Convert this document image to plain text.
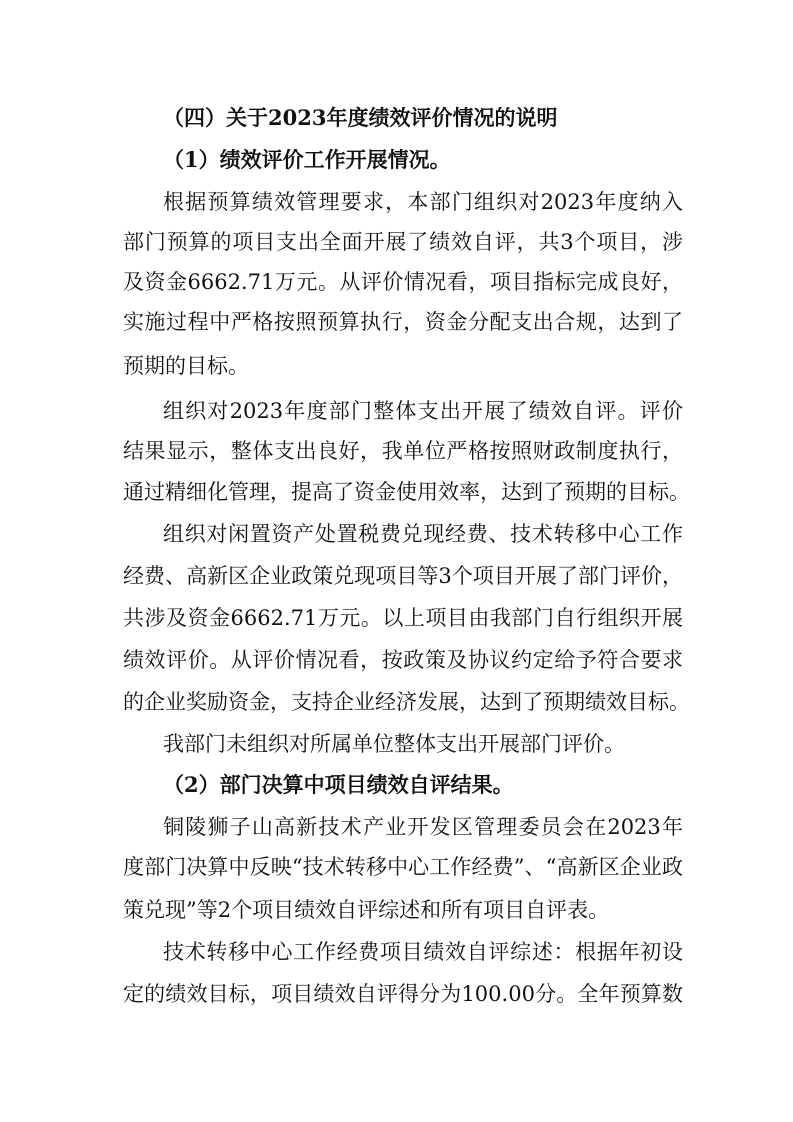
（四）关于2023年度绩效评价情况的说明
（1）绩效评价工作开展情况。
根据预算绩效管理要求，本部门组织对2023年度纳入
部门预算的项目支出全面开展了绩效自评，共3个项目，涉
及资金6662.71万元。从评价情况看，项目指标完成良好，
实施过程中严格按照预算执行，资金分配支出合规，达到了
预期的目标。
组织对2023年度部门整体支出开展了绩效自评。评价
结果显示，整体支出良好，我单位严格按照财政制度执行，
通过精细化管理，提高了资金使用效率，达到了预期的目标。
组织对闲置资产处置税费兑现经费、技术转移中心工作
经费、高新区企业政策兑现项目等3个项目开展了部门评价，
共涉及资金6662.71万元。以上项目由我部门自行组织开展
绩效评价。从评价情况看，按政策及协议约定给予符合要求
的企业奖励资金，支持企业经济发展，达到了预期绩效目标。
我部门未组织对所属单位整体支出开展部门评价。
（2）部门决算中项目绩效自评结果。
铜陵狮子山高新技术产业开发区管理委员会在2023年
度部门决算中反映“技术转移中心工作经费”、“高新区企业政
策兑现”等2个项目绩效自评综述和所有项目自评表。
技术转移中心工作经费项目绩效自评综述：根据年初设
定的绩效目标，项目绩效自评得分为100.00分。全年预算数
